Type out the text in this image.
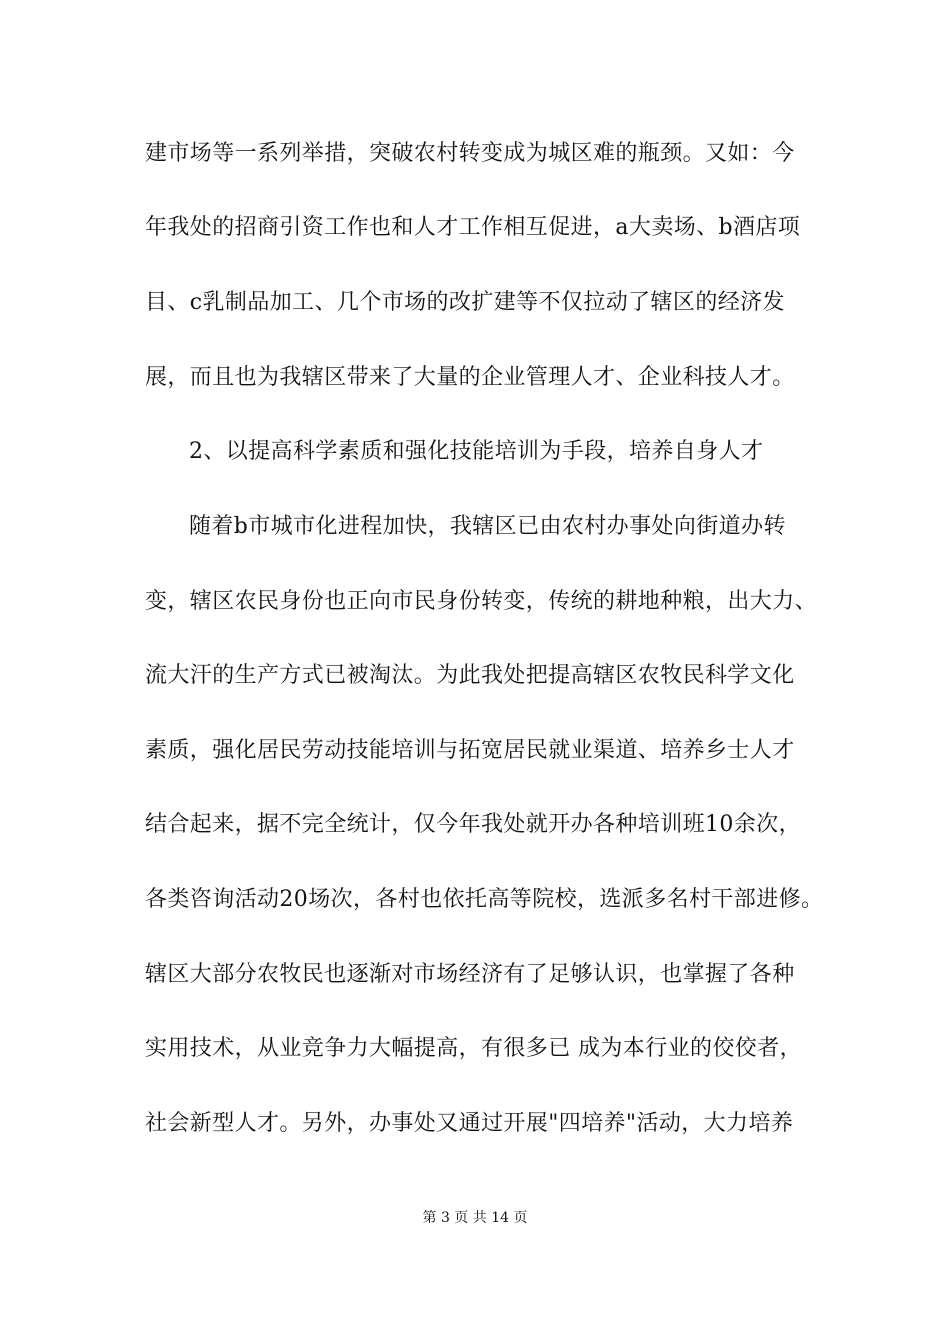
建市场等一系列举措，突破农村转变成为城区难的瓶颈。又如：今
年我处的招商引资工作也和人才工作相互促进，a大卖场、b酒店项
目、c乳制品加工、几个市场的改扩建等不仅拉动了辖区的经济发
展，而且也为我辖区带来了大量的企业管理人才、企业科技人才。
2、以提高科学素质和强化技能培训为手段，培养自身人才
随着b市城市化进程加快，我辖区已由农村办事处向街道办转
变，辖区农民身份也正向市民身份转变，传统的耕地种粮，出大力、
流大汗的生产方式已被淘汰。为此我处把提高辖区农牧民科学文化
素质，强化居民劳动技能培训与拓宽居民就业渠道、培养乡士人才
结合起来，据不完全统计，仅今年我处就开办各种培训班10余次，
各类咨询活动20场次，各村也依托高等院校，选派多名村干部进修。
辖区大部分农牧民也逐渐对市场经济有了足够认识，也掌握了各种
实用技术，从业竞争力大幅提高，有很多已 成为本行业的佼佼者，
社会新型人才。另外，办事处又通过开展"四培养"活动，大力培养
第 3 页 共 14 页
